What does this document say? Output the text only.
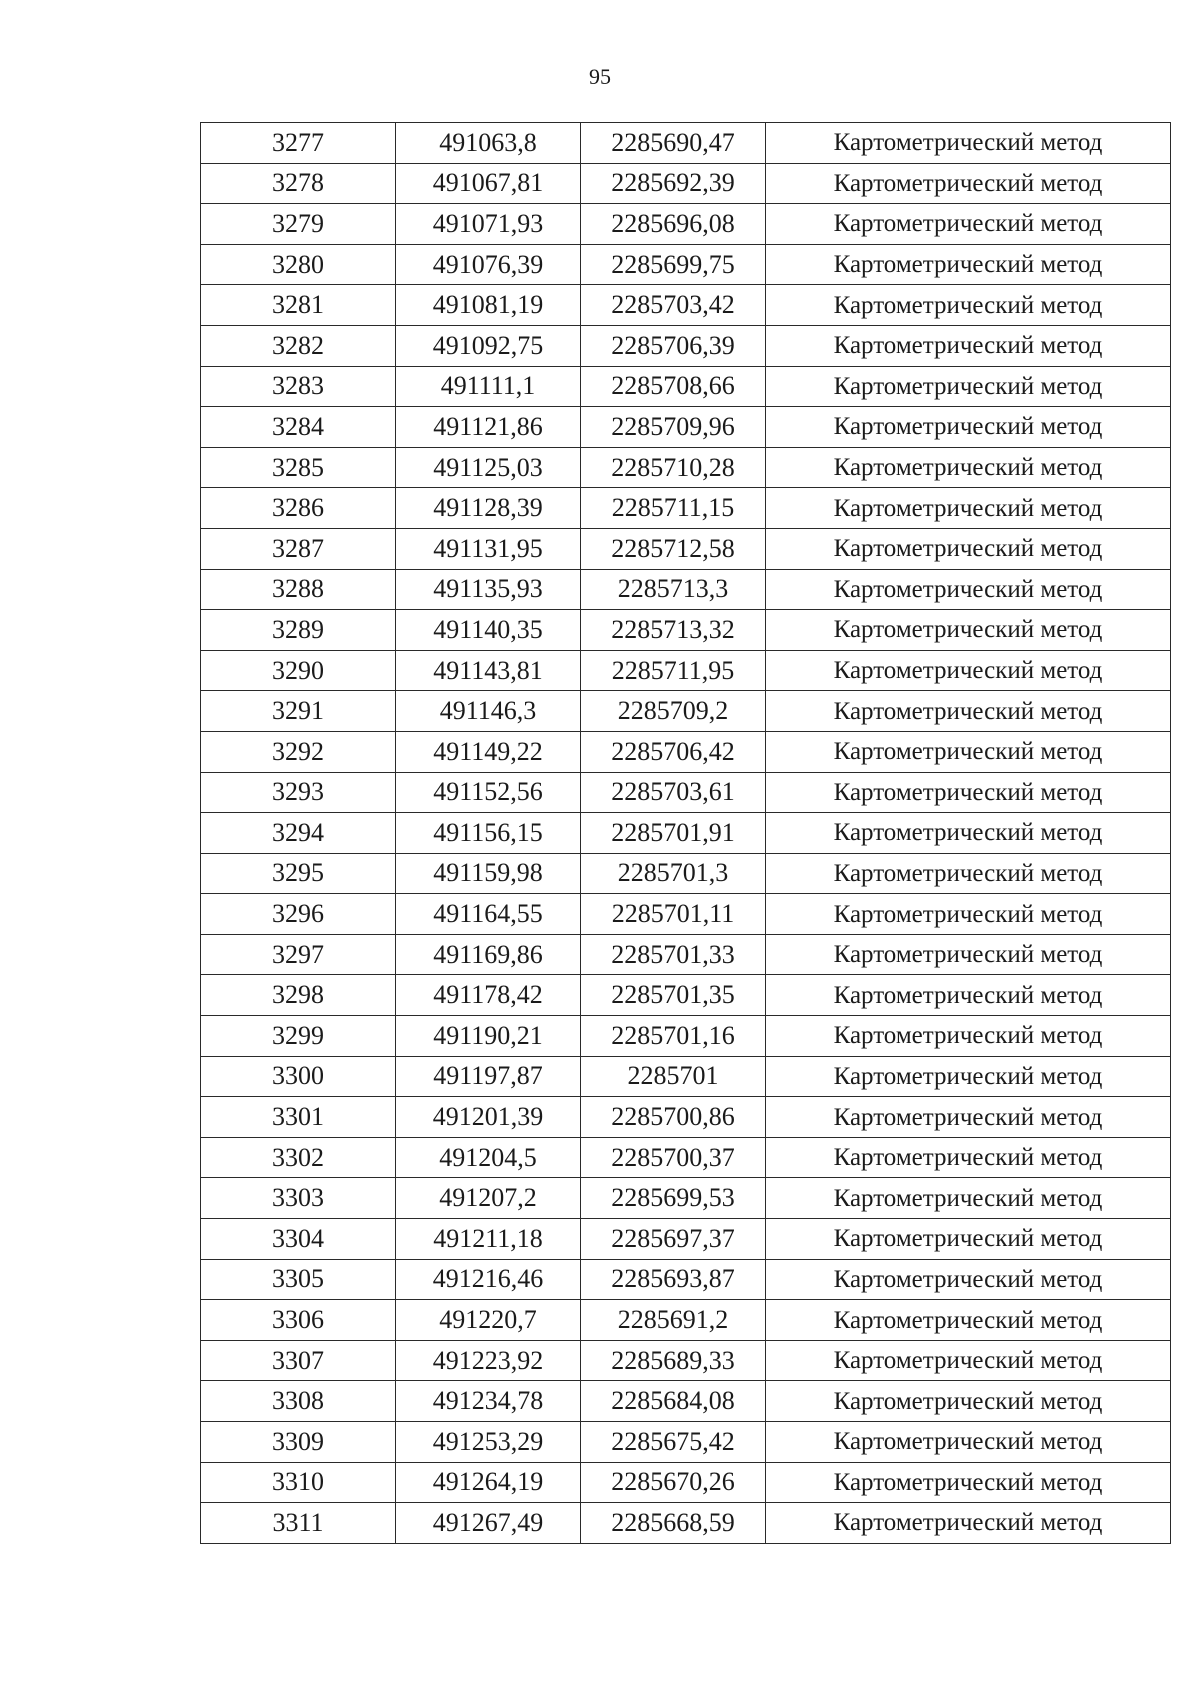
95
3277	491063,8	2285690,47	Картометрический метод
3278	491067,81	2285692,39	Картометрический метод
3279	491071,93	2285696,08	Картометрический метод
3280	491076,39	2285699,75	Картометрический метод
3281	491081,19	2285703,42	Картометрический метод
3282	491092,75	2285706,39	Картометрический метод
3283	491111,1	2285708,66	Картометрический метод
3284	491121,86	2285709,96	Картометрический метод
3285	491125,03	2285710,28	Картометрический метод
3286	491128,39	2285711,15	Картометрический метод
3287	491131,95	2285712,58	Картометрический метод
3288	491135,93	2285713,3	Картометрический метод
3289	491140,35	2285713,32	Картометрический метод
3290	491143,81	2285711,95	Картометрический метод
3291	491146,3	2285709,2	Картометрический метод
3292	491149,22	2285706,42	Картометрический метод
3293	491152,56	2285703,61	Картометрический метод
3294	491156,15	2285701,91	Картометрический метод
3295	491159,98	2285701,3	Картометрический метод
3296	491164,55	2285701,11	Картометрический метод
3297	491169,86	2285701,33	Картометрический метод
3298	491178,42	2285701,35	Картометрический метод
3299	491190,21	2285701,16	Картометрический метод
3300	491197,87	2285701	Картометрический метод
3301	491201,39	2285700,86	Картометрический метод
3302	491204,5	2285700,37	Картометрический метод
3303	491207,2	2285699,53	Картометрический метод
3304	491211,18	2285697,37	Картометрический метод
3305	491216,46	2285693,87	Картометрический метод
3306	491220,7	2285691,2	Картометрический метод
3307	491223,92	2285689,33	Картометрический метод
3308	491234,78	2285684,08	Картометрический метод
3309	491253,29	2285675,42	Картометрический метод
3310	491264,19	2285670,26	Картометрический метод
3311	491267,49	2285668,59	Картометрический метод
